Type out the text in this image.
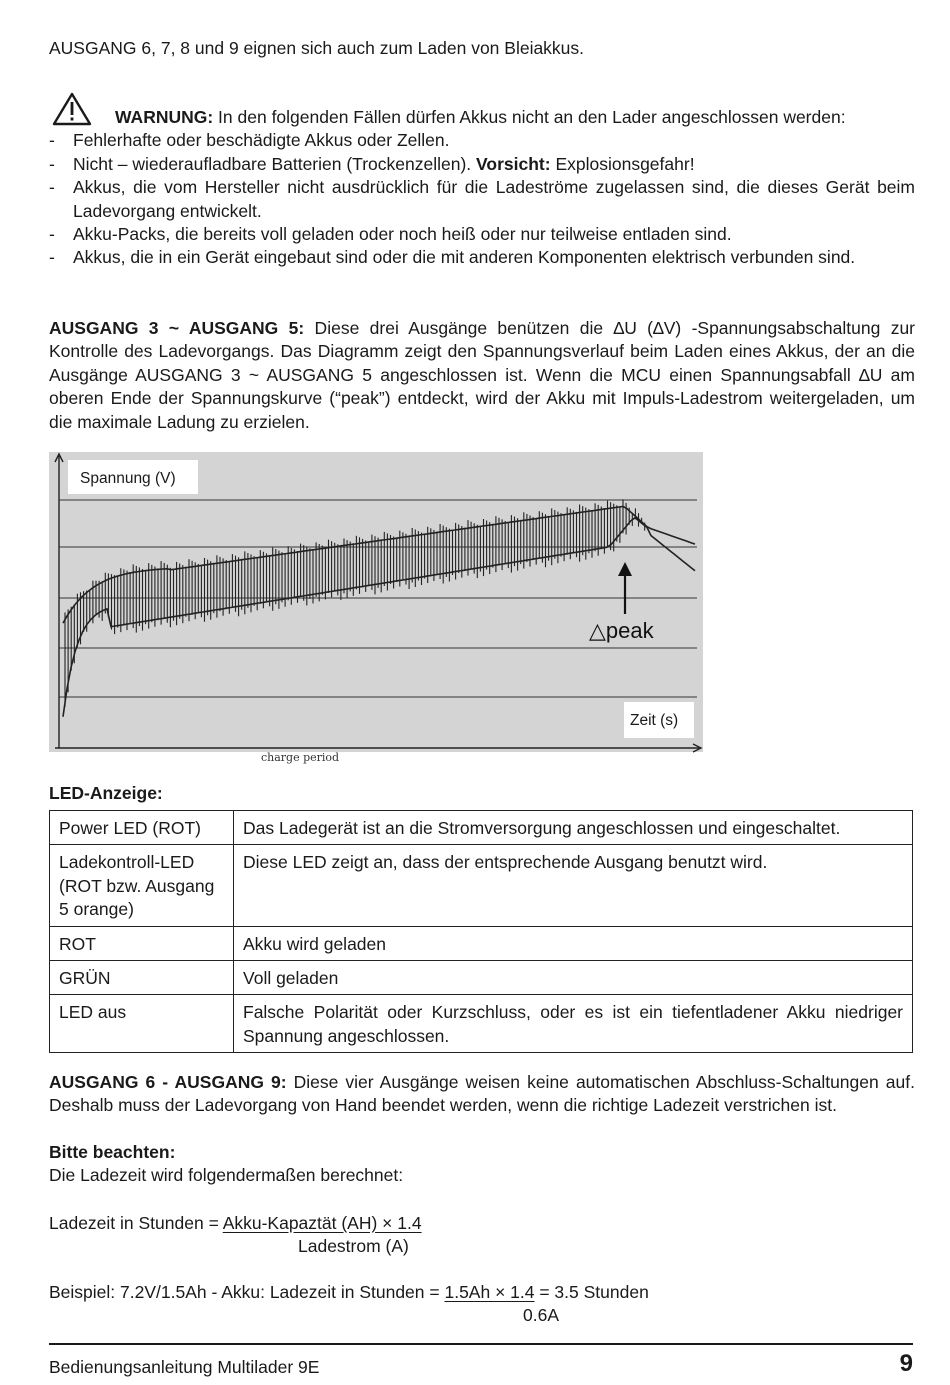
AUSGANG 6, 7, 8 und 9 eignen sich auch zum Laden von Bleiakkus.

WARNUNG: In den folgenden Fällen dürfen Akkus nicht an den Lader angeschlossen werden:

- Fehlerhafte oder beschädigte Akkus oder Zellen.
- Nicht – wiederaufladbare Batterien (Trockenzellen). Vorsicht: Explosionsgefahr!
- Akkus, die vom Hersteller nicht ausdrücklich für die Ladeströme zugelassen sind, die dieses Gerät beim Ladevorgang entwickelt.
- Akku-Packs, die bereits voll geladen oder noch heiß oder nur teilweise entladen sind.
- Akkus, die in ein Gerät eingebaut sind oder die mit anderen Komponenten elektrisch verbunden sind.

AUSGANG 3 ~ AUSGANG 5: Diese drei Ausgänge benützen die ∆U (∆V) -Spannungsabschaltung zur Kontrolle des Ladevorgangs. Das Diagramm zeigt den Spannungsverlauf beim Laden eines Akkus, der an die Ausgänge AUSGANG 3 ~ AUSGANG 5 angeschlossen ist. Wenn die MCU einen Spannungsabfall ∆U am oberen Ende der Spannungskurve (“peak”) entdeckt, wird der Akku mit Impuls-Ladestrom weitergeladen, um die maximale Ladung zu erzielen.

Spannung (V)
Zeit (s)
△peak
charge period

LED-Anzeige:

Power LED (ROT)	Das Ladegerät ist an die Stromversorgung angeschlossen und eingeschaltet.
Ladekontroll-LED (ROT bzw. Ausgang 5 orange)	Diese LED zeigt an, dass der entsprechende Ausgang benutzt wird.
ROT	Akku wird geladen
GRÜN	Voll geladen
LED aus	Falsche Polarität oder Kurzschluss, oder es ist ein tiefentladener Akku niedriger Spannung angeschlossen.

AUSGANG 6 - AUSGANG 9: Diese vier Ausgänge weisen keine automatischen Abschluss-Schaltungen auf. Deshalb muss der Ladevorgang von Hand beendet werden, wenn die richtige Ladezeit verstrichen ist.

Bitte beachten:

Die Ladezeit wird folgendermaßen berechnet:

Ladezeit in Stunden = Akku-Kapaztät (AH) × 1.4

Ladestrom (A)

Beispiel: 7.2V/1.5Ah - Akku: Ladezeit in Stunden = 1.5Ah × 1.4 = 3.5 Stunden

0.6A

Bedienungsanleitung Multilader 9E	9
